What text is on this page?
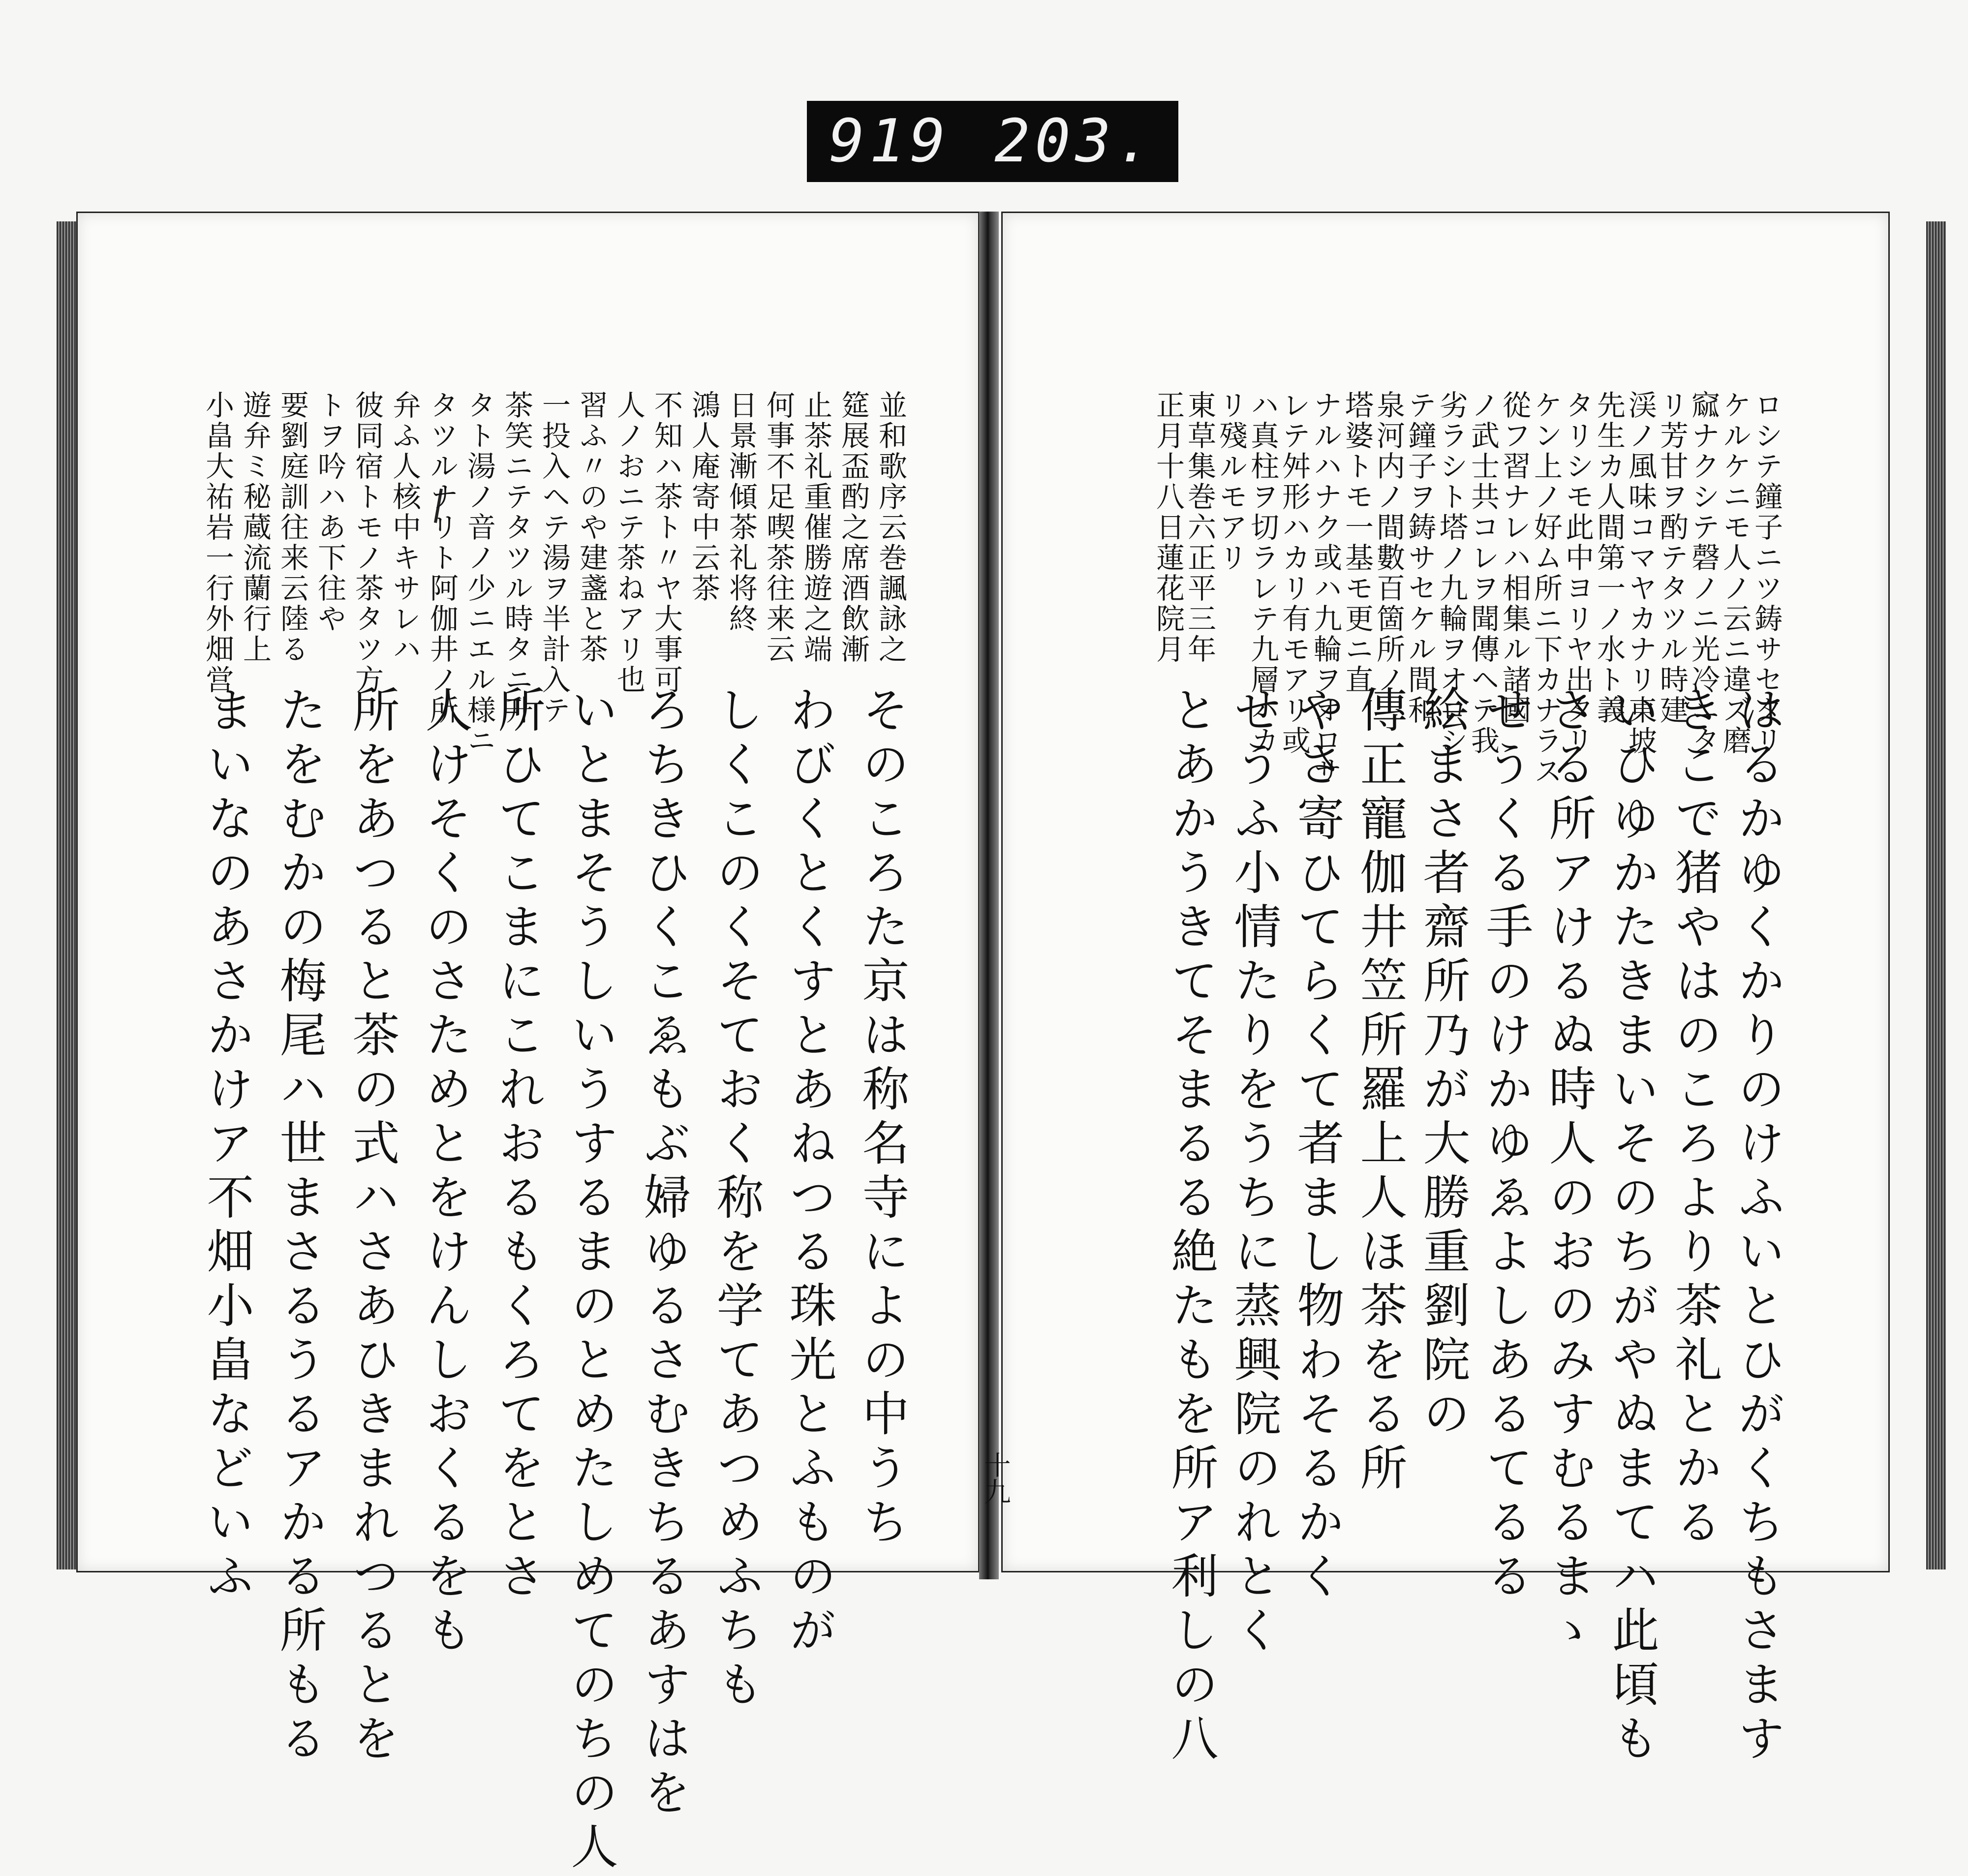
919 203.
並和歌序云巻諷詠之
筵展盃酌之席酒飲漸
止茶礼重催勝遊之端
何事不足喫茶往来云
日景漸傾茶礼将終
鴻人庵寄中云茶
不知ハ茶ト〃ヤ大事可
人ノおニテ茶ねアリ也
習ふ〃のや建盞と茶
一投入ヘテ湯ヲ半計入テ
茶笑ニテタツル時タニ升
タト湯ノ音ノ少ニエル様ニ
タツルナリト阿伽井ノ所
弁ふ人核中キサレハ
彼同宿トモノ茶タツ方
トヲ吟ハあ下往や
要劉庭訓往来云陸る
遊弁ミ秘蔵流蘭行上
小畠大祐岩一行外畑営
そのころた京は称名寺によの中うち
わびくとくすとあねつる珠光とふものが
しくこのくそておく称を学てあつめふちも
ろちきひくこゑもぶ婦ゆるさむきちるあすはを
いとまそうしいうするまのとめたしめてのちの人
所ひてこまにこれおるもくろてをとさ
人けそくのさためとをけんしおくるをも
所をあつると茶の式ハさあひきまれつるとを
たをむかの梅尾ハ世まさるうるアかる所もる
まいなのあさかけア不畑小畠などいふ
ロシテ鐘子ニツ鋳サセタリ
ケルケニモ人ノ云ニ違ズ磨
窳ナクシテ磬ノニ光冷ニタ
リ芳甘ヲ酌テタツル時建
渓ノ風味コマヤカナリ東坡
先生カ人間第一ノ水ト義
タリシモ此中ヨリヤ出タリ
ケン上ノ好ム所ニ下カナラス
從フ習ナレハ相集ル諸國
ノ武士共コレヲ聞傳ヘテ我
劣ラシト塔ノ九輪ヲオロシ
テ鐘子ヲ鋳サセケル間和
泉河内ノ間數百箇所ノ
塔婆トモ一基モ更ニ直
ナルハナク或ハ九輪ヲオロサ
レテ舛形ハカリ有モアリ或
ハ真柱ヲ切ラレテ九層ハカ
リ殘ルモアリ
東草集巻六正平三年
正月十八日蓮花院月
はるかゆくかりのけふいとひがくちもさます
きこで猪やはのころより茶礼とかる
いひゆかたきまいそのちがやぬまてハ此頃も
さる所アけるぬ時人のおのみすむるまゝ
せうくる手のけかゆゑよしあるてるる
絵まさ者齋所乃が大勝重劉院の
傳正寵伽井笠所羅上人ほ茶をる所
やさ寄ひてらくて者まし物わそるかく
せうふ小情たりをうちに蒸興院のれとく
とあかうきてそまるる絶たもを所ア利しの八
十九
